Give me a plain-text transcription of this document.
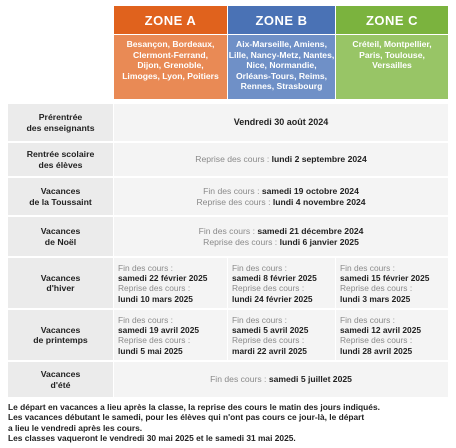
ZONE A	ZONE B	ZONE C
Besançon, Bordeaux,
Clermont-Ferrand,
Dijon, Grenoble,
Limoges, Lyon, Poitiers
Aix-Marseille, Amiens,
Lille, Nancy-Metz, Nantes,
Nice, Normandie,
Orléans-Tours, Reims,
Rennes, Strasbourg
Créteil, Montpellier,
Paris, Toulouse,
Versailles
Prérentrée
des enseignants
Vendredi 30 août 2024
Rentrée scolaire
des élèves
Reprise des cours : lundi 2 septembre 2024
Vacances
de la Toussaint
Fin des cours : samedi 19 octobre 2024
Reprise des cours : lundi 4 novembre 2024
Vacances
de Noël
Fin des cours : samedi 21 décembre 2024
Reprise des cours : lundi 6 janvier 2025
Vacances
d'hiver
Fin des cours :
samedi 22 février 2025
Reprise des cours :
lundi 10 mars 2025
Fin des cours :
samedi 8 février 2025
Reprise des cours :
lundi 24 février 2025
Fin des cours :
samedi 15 février 2025
Reprise des cours :
lundi 3 mars 2025
Vacances
de printemps
Fin des cours :
samedi 19 avril 2025
Reprise des cours :
lundi 5 mai 2025
Fin des cours :
samedi 5 avril 2025
Reprise des cours :
mardi 22 avril 2025
Fin des cours :
samedi 12 avril 2025
Reprise des cours :
lundi 28 avril 2025
Vacances
d'été
Fin des cours : samedi 5 juillet 2025
Le départ en vacances a lieu après la classe, la reprise des cours le matin des jours indiqués.
Les vacances débutant le samedi, pour les élèves qui n'ont pas cours ce jour-là, le départ
a lieu le vendredi après les cours.
Les classes vaqueront le vendredi 30 mai 2025 et le samedi 31 mai 2025.
